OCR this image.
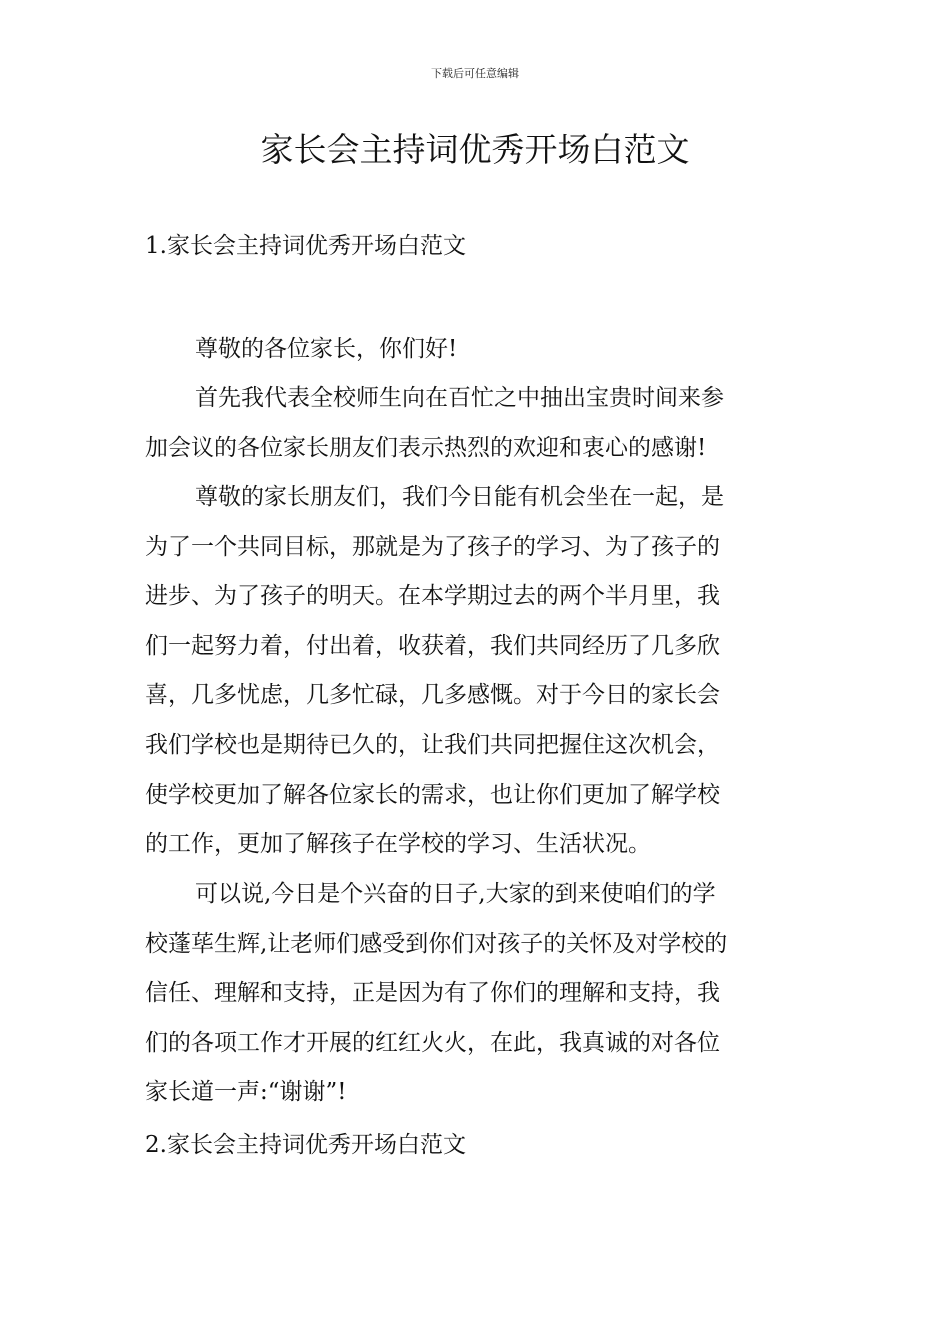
下载后可任意编辑
家长会主持词优秀开场白范文
1.家长会主持词优秀开场白范文
尊敬的各位家长，你们好!
首先我代表全校师生向在百忙之中抽出宝贵时间来参
加会议的各位家长朋友们表示热烈的欢迎和衷心的感谢!
尊敬的家长朋友们，我们今日能有机会坐在一起，是
为了一个共同目标，那就是为了孩子的学习、为了孩子的
进步、为了孩子的明天。在本学期过去的两个半月里，我
们一起努力着，付出着，收获着，我们共同经历了几多欣
喜，几多忧虑，几多忙碌，几多感慨。对于今日的家长会
我们学校也是期待已久的，让我们共同把握住这次机会，
使学校更加了解各位家长的需求，也让你们更加了解学校
的工作，更加了解孩子在学校的学习、生活状况。
可以说,今日是个兴奋的日子,大家的到来使咱们的学
校蓬荜生辉,让老师们感受到你们对孩子的关怀及对学校的
信任、理解和支持，正是因为有了你们的理解和支持，我
们的各项工作才开展的红红火火，在此，我真诚的对各位
家长道一声:“谢谢”!
2.家长会主持词优秀开场白范文
